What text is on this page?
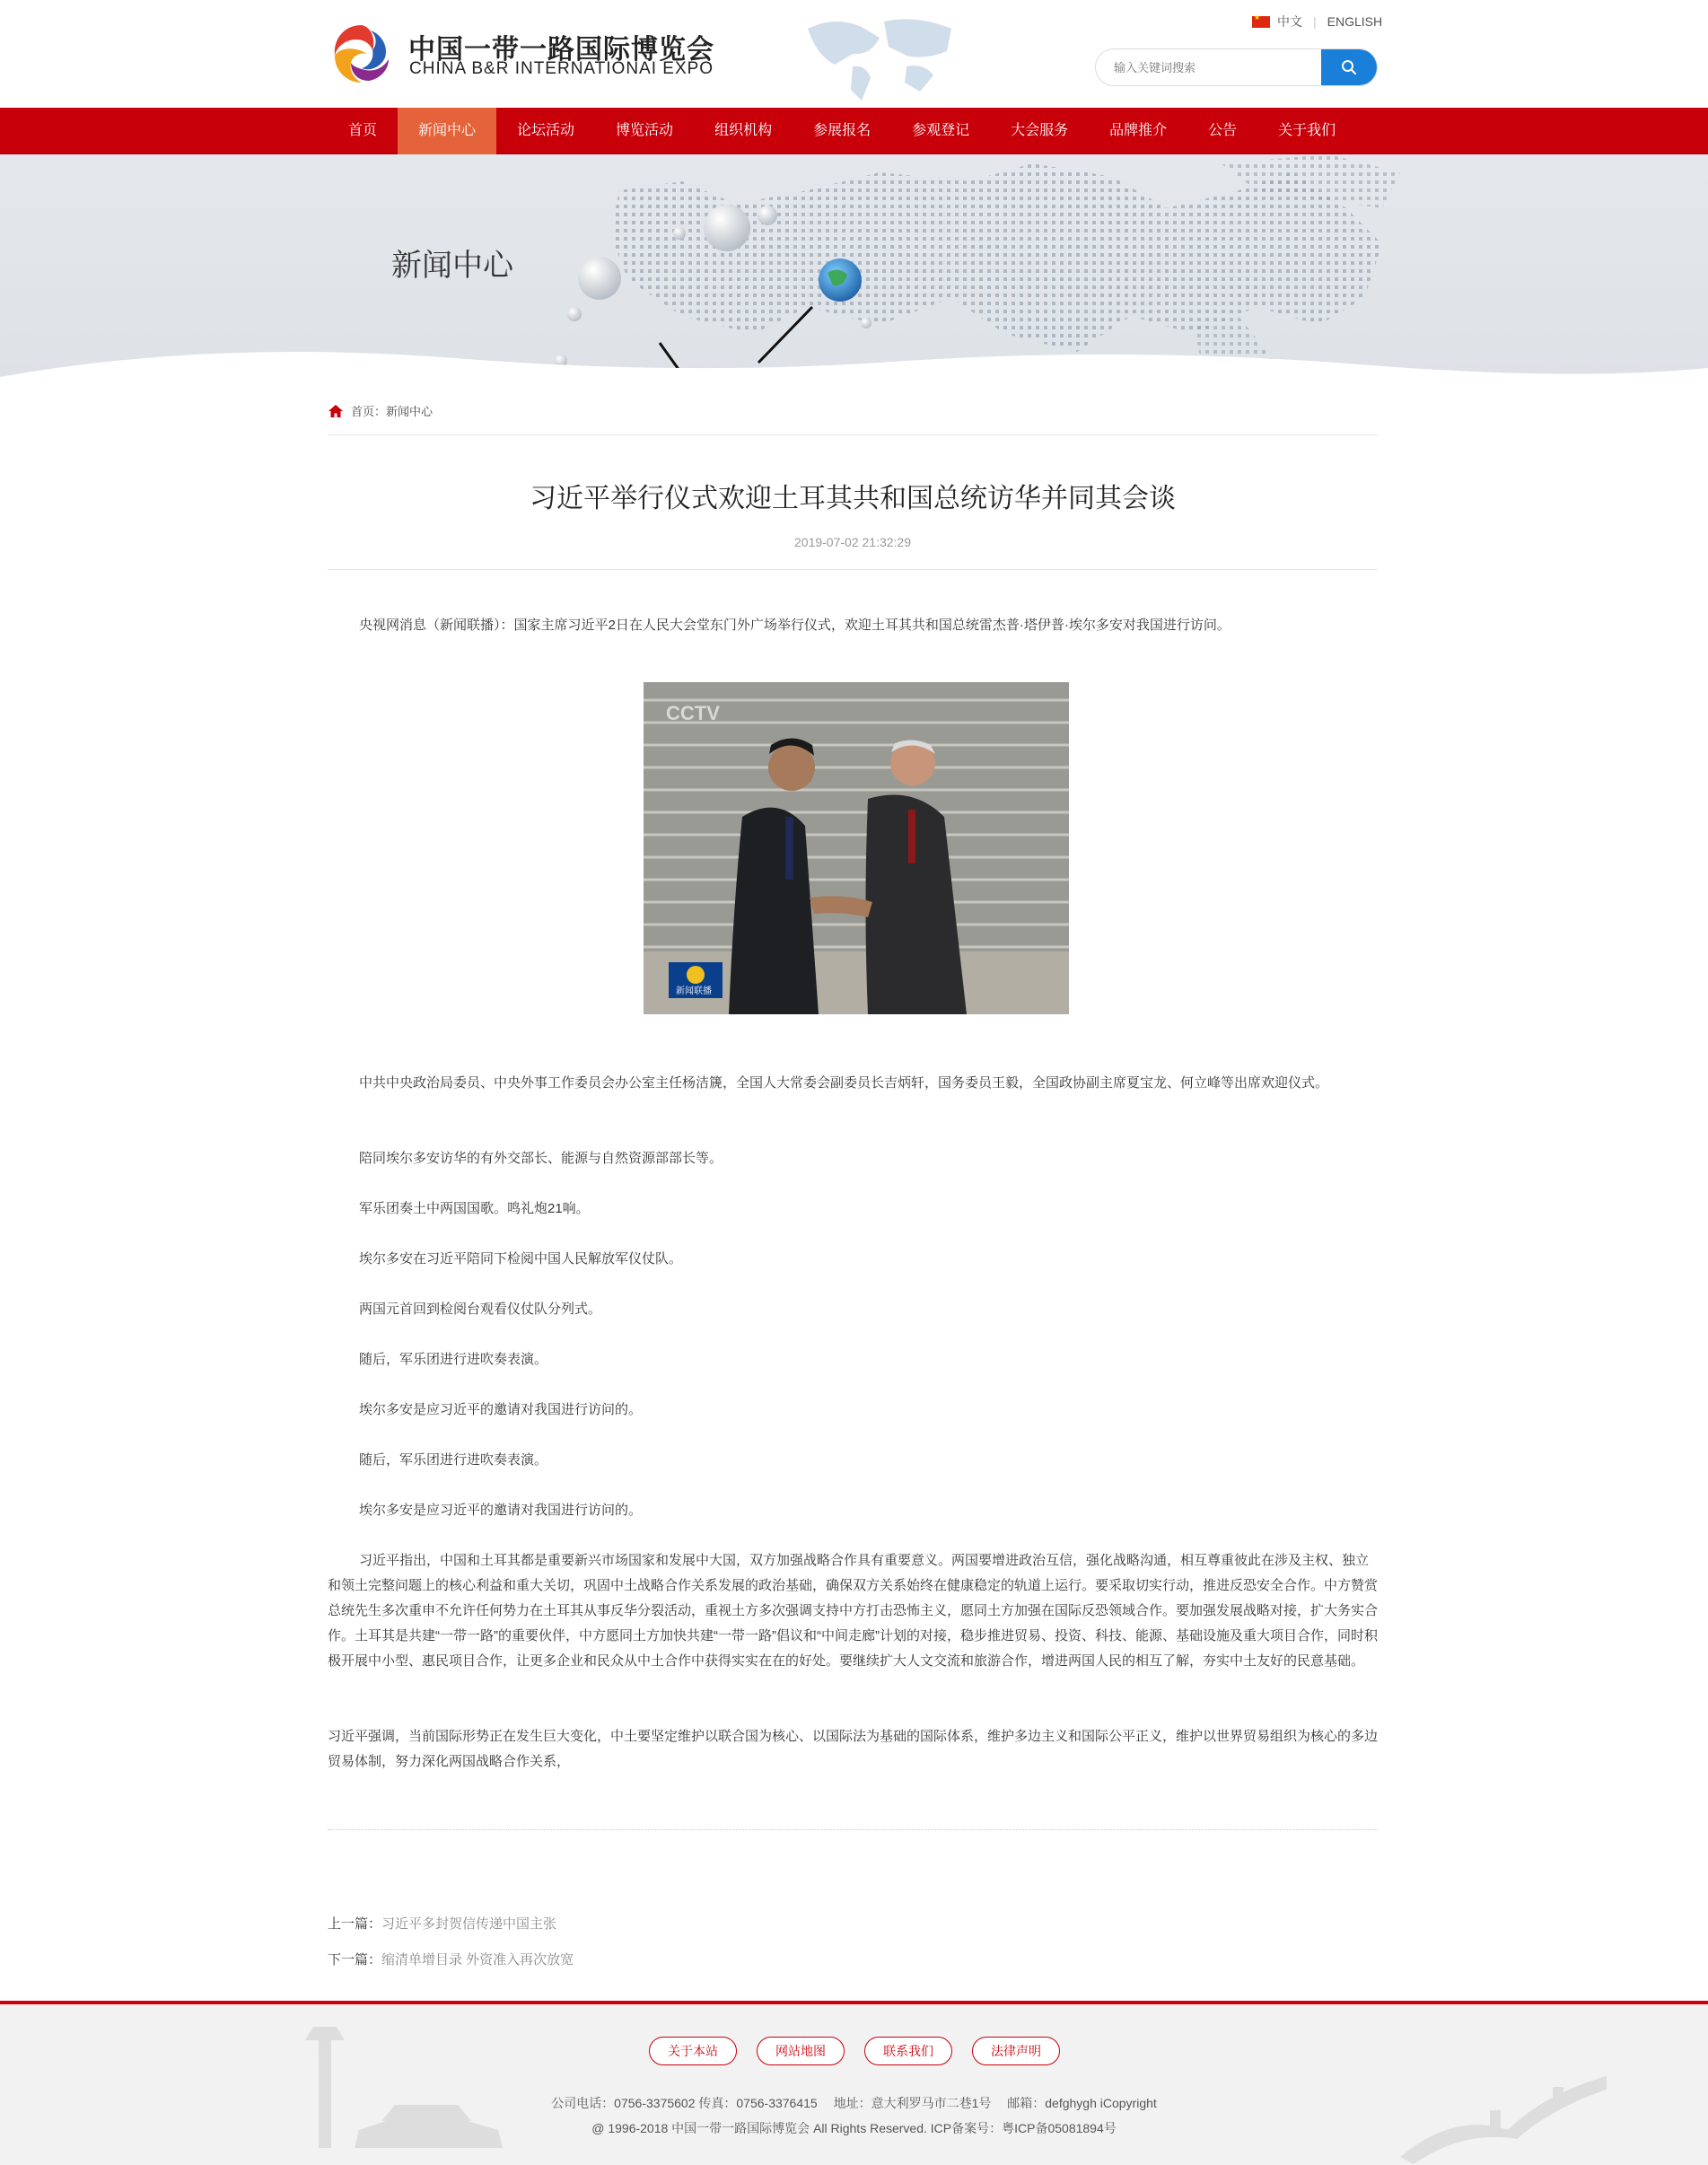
中国一带一路国际博览会
CHINA B&R INTERNATIONAI EXPO
★
中文 | ENGLISH
输入关键词搜索
首页	新闻中心	论坛活动	博览活动	组织机构	参展报名	参观登记	大会服务	品牌推介	公告	关于我们
新闻中心
首页：新闻中心
习近平举行仪式欢迎土耳其共和国总统访华并同其会谈
2019-07-02 21:32:29
央视网消息（新闻联播）：国家主席习近平2日在人民大会堂东门外广场举行仪式，欢迎土耳其共和国总统雷杰普·塔伊普·埃尔多安对我国进行访问。
CCTV
新闻联播
中共中央政治局委员、中央外事工作委员会办公室主任杨洁篪，全国人大常委会副委员长吉炳轩，国务委员王毅，全国政协副主席夏宝龙、何立峰等出席欢迎仪式。
陪同埃尔多安访华的有外交部长、能源与自然资源部部长等。
军乐团奏土中两国国歌。鸣礼炮21响。
埃尔多安在习近平陪同下检阅中国人民解放军仪仗队。
两国元首回到检阅台观看仪仗队分列式。
随后，军乐团进行进吹奏表演。
埃尔多安是应习近平的邀请对我国进行访问的。
随后，军乐团进行进吹奏表演。
埃尔多安是应习近平的邀请对我国进行访问的。
习近平指出，中国和土耳其都是重要新兴市场国家和发展中大国，双方加强战略合作具有重要意义。两国要增进政治互信，强化战略沟通，相互尊重彼此在涉及主权、独立和领土完整问题上的核心利益和重大关切，巩固中土战略合作关系发展的政治基础，确保双方关系始终在健康稳定的轨道上运行。要采取切实行动，推进反恐安全合作。中方赞赏总统先生多次重申不允许任何势力在土耳其从事反华分裂活动，重视土方多次强调支持中方打击恐怖主义，愿同土方加强在国际反恐领域合作。要加强发展战略对接，扩大务实合作。土耳其是共建“一带一路”的重要伙伴，中方愿同土方加快共建“一带一路”倡议和“中间走廊”计划的对接，稳步推进贸易、投资、科技、能源、基础设施及重大项目合作，同时积极开展中小型、惠民项目合作，让更多企业和民众从中土合作中获得实实在在的好处。要继续扩大人文交流和旅游合作，增进两国人民的相互了解，夯实中土友好的民意基础。
习近平强调，当前国际形势正在发生巨大变化，中土要坚定维护以联合国为核心、以国际法为基础的国际体系，维护多边主义和国际公平正义，维护以世界贸易组织为核心的多边贸易体制，努力深化两国战略合作关系，
上一篇：习近平多封贺信传递中国主张
下一篇：缩清单增目录 外资准入再次放宽
关于本站	网站地图	联系我们	法律声明
公司电话：0756-3375602 传真：0756-3376415　 地址：意大利罗马市二巷1号　 邮箱：defghygh iCopyright
@ 1996-2018 中国一带一路国际博览会 All Rights Reserved. ICP备案号：粤ICP备05081894号
